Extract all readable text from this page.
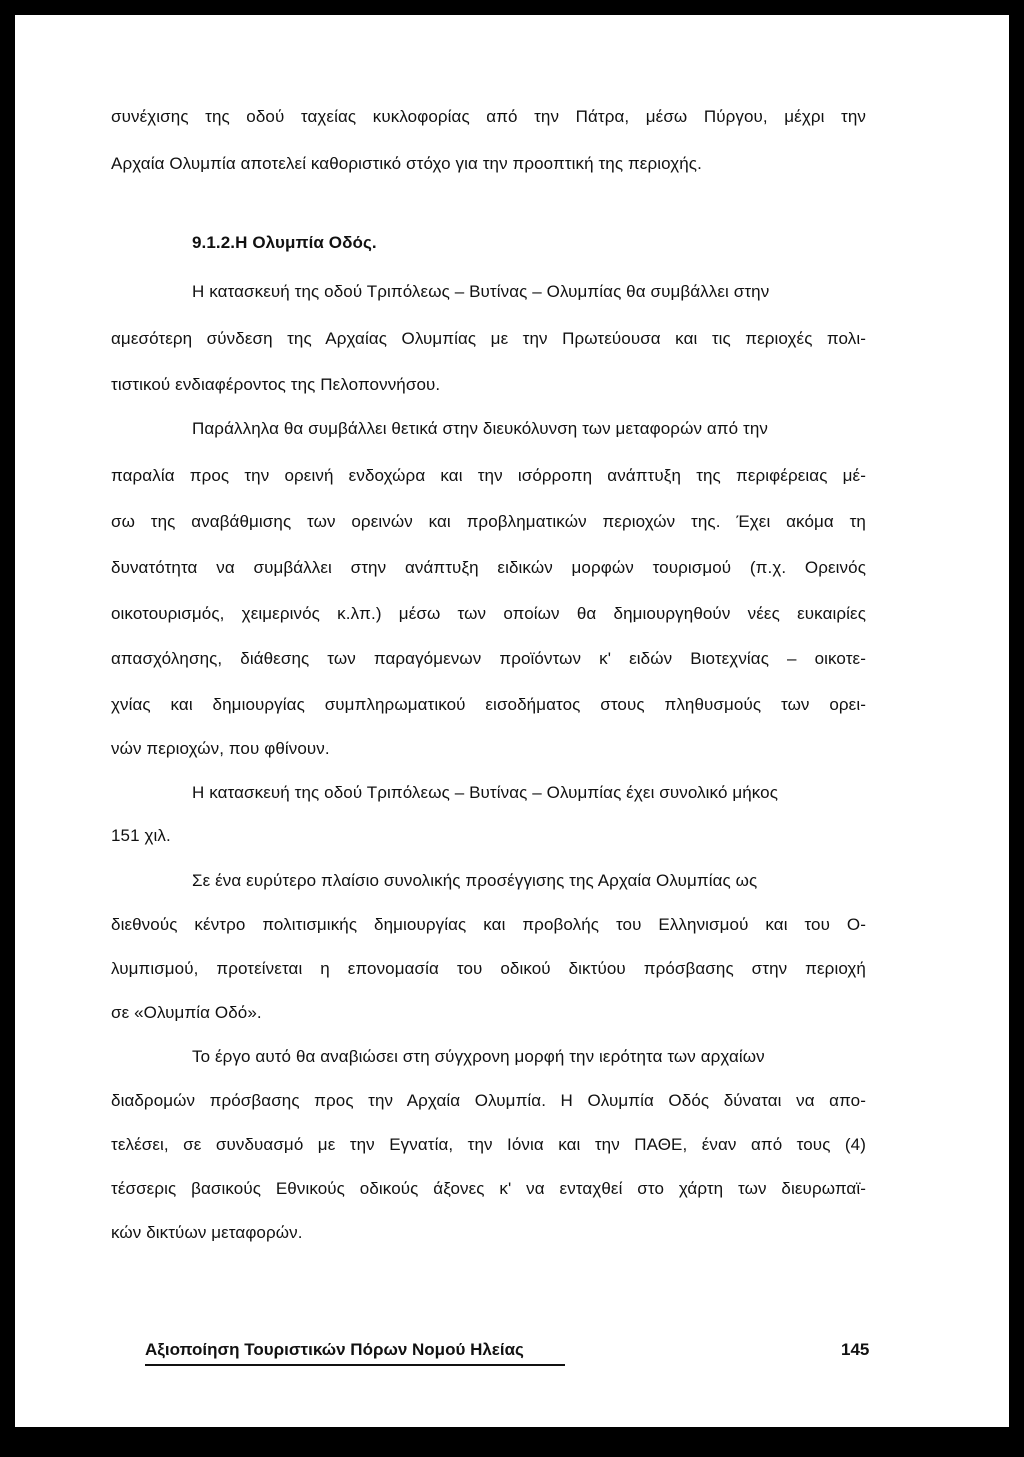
συνέχισης της οδού ταχείας κυκλοφορίας από την Πάτρα, μέσω Πύργου, μέχρι την
Αρχαία Ολυμπία αποτελεί καθοριστικό στόχο για την προοπτική της περιοχής.
9.1.2.Η Ολυμπία Οδός.
Η κατασκευή της οδού Τριπόλεως – Βυτίνας – Ολυμπίας θα συμβάλλει στην
αμεσότερη σύνδεση της Αρχαίας Ολυμπίας με την Πρωτεύουσα και τις περιοχές πολι-
τιστικού ενδιαφέροντος της Πελοποννήσου.
Παράλληλα θα συμβάλλει θετικά στην διευκόλυνση των μεταφορών από την
παραλία προς την ορεινή ενδοχώρα και την ισόρροπη ανάπτυξη της περιφέρειας μέ-
σω της αναβάθμισης των ορεινών και προβληματικών περιοχών της. Έχει ακόμα τη
δυνατότητα να συμβάλλει στην ανάπτυξη ειδικών μορφών τουρισμού (π.χ. Ορεινός
οικοτουρισμός, χειμερινός κ.λπ.) μέσω των οποίων θα δημιουργηθούν νέες ευκαιρίες
απασχόλησης, διάθεσης των παραγόμενων προϊόντων κ' ειδών Βιοτεχνίας – οικοτε-
χνίας και δημιουργίας συμπληρωματικού εισοδήματος στους πληθυσμούς των ορει-
νών περιοχών, που φθίνουν.
Η κατασκευή της οδού Τριπόλεως – Βυτίνας – Ολυμπίας έχει συνολικό μήκος
151 χιλ.
Σε ένα ευρύτερο πλαίσιο συνολικής προσέγγισης της Αρχαία Ολυμπίας ως
διεθνούς κέντρο πολιτισμικής δημιουργίας και προβολής του Ελληνισμού και του Ο-
λυμπισμού, προτείνεται η επονομασία του οδικού δικτύου πρόσβασης στην περιοχή
σε «Ολυμπία Οδό».
Το έργο αυτό θα αναβιώσει στη σύγχρονη μορφή την ιερότητα των αρχαίων
διαδρομών πρόσβασης προς την Αρχαία Ολυμπία. Η Ολυμπία Οδός δύναται να απο-
τελέσει, σε συνδυασμό με την Εγνατία, την Ιόνια και την ΠΑΘΕ, έναν από τους (4)
τέσσερις βασικούς Εθνικούς οδικούς άξονες κ' να ενταχθεί στο χάρτη των διευρωπαϊ-
κών δικτύων μεταφορών.
Αξιοποίηση Τουριστικών Πόρων Νομού Ηλείας	145
